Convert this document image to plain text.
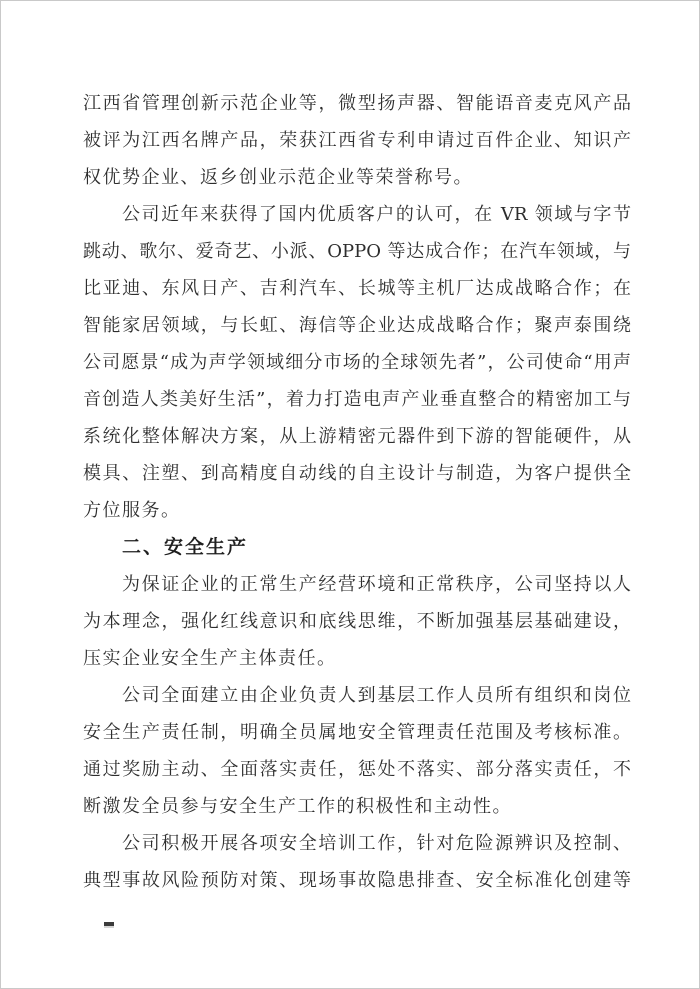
江西省管理创新示范企业等，微型扬声器、智能语音麦克风产品
被评为江西名牌产品，荣获江西省专利申请过百件企业、知识产
权优势企业、返乡创业示范企业等荣誉称号。
公司近年来获得了国内优质客户的认可，在 VR 领域与字节
跳动、歌尔、爱奇艺、小派、OPPO 等达成合作；在汽车领域，与
比亚迪、东风日产、吉利汽车、长城等主机厂达成战略合作；在
智能家居领域，与长虹、海信等企业达成战略合作；聚声泰围绕
公司愿景“成为声学领域细分市场的全球领先者”，公司使命“用声
音创造人类美好生活”，着力打造电声产业垂直整合的精密加工与
系统化整体解决方案，从上游精密元器件到下游的智能硬件，从
模具、注塑、到高精度自动线的自主设计与制造，为客户提供全
方位服务。
二、安全生产
为保证企业的正常生产经营环境和正常秩序，公司坚持以人
为本理念，强化红线意识和底线思维，不断加强基层基础建设，
压实企业安全生产主体责任。
公司全面建立由企业负责人到基层工作人员所有组织和岗位
安全生产责任制，明确全员属地安全管理责任范围及考核标准。
通过奖励主动、全面落实责任，惩处不落实、部分落实责任，不
断激发全员参与安全生产工作的积极性和主动性。
公司积极开展各项安全培训工作，针对危险源辨识及控制、
典型事故风险预防对策、现场事故隐患排查、安全标准化创建等
